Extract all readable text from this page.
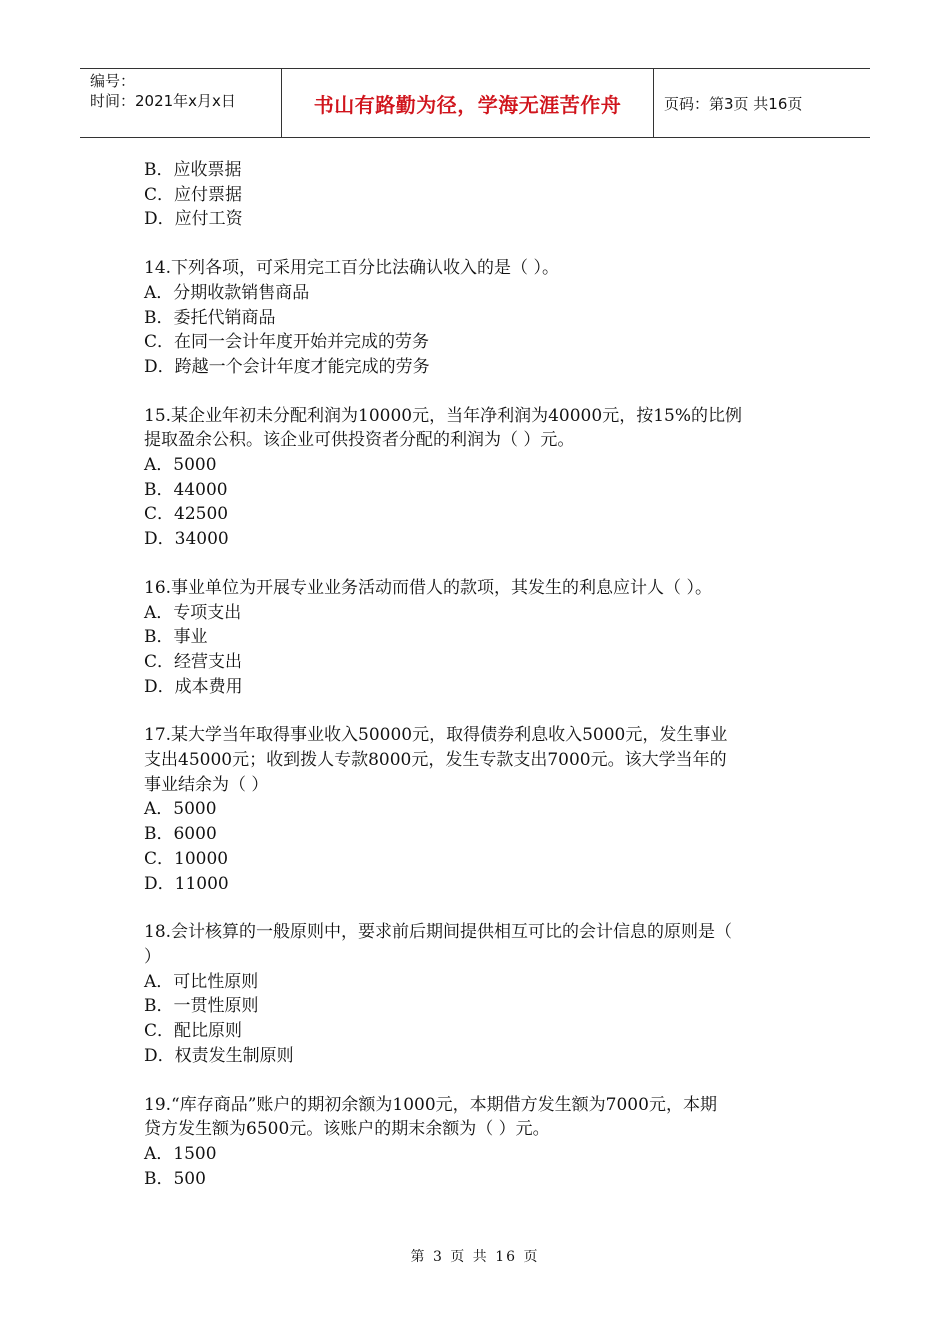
编号：
时间：2021年x月x日	书山有路勤为径，学海无涯苦作舟	页码：第3页 共16页
B．应收票据
C．应付票据
D．应付工资
14.下列各项，可采用完工百分比法确认收入的是（ ）。
A．分期收款销售商品
B．委托代销商品
C．在同一会计年度开始并完成的劳务
D．跨越一个会计年度才能完成的劳务
15.某企业年初未分配利润为10000元，当年净利润为40000元，按15%的比例
提取盈余公积。该企业可供投资者分配的利润为（ ）元。
A．5000
B．44000
C．42500
D．34000
16.事业单位为开展专业业务活动而借人的款项，其发生的利息应计人（ ）。
A．专项支出
B．事业
C．经营支出
D．成本费用
17.某大学当年取得事业收入50000元，取得债券利息收入5000元，发生事业
支出45000元；收到拨人专款8000元，发生专款支出7000元。该大学当年的
事业结余为（ ）
A．5000
B．6000
C．10000
D．11000
18.会计核算的一般原则中，要求前后期间提供相互可比的会计信息的原则是（
）
A．可比性原则
B．一贯性原则
C．配比原则
D．权责发生制原则
19.“库存商品”账户的期初余额为1000元，本期借方发生额为7000元，本期
贷方发生额为6500元。该账户的期末余额为（ ）元。
A．1500
B．500
第 3 页 共 16 页
